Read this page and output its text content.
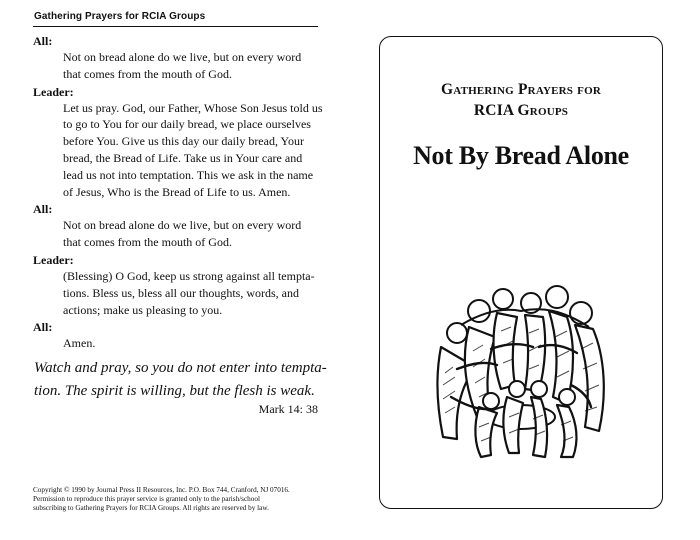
Gathering Prayers for RCIA Groups
All:
Not on bread alone do we live, but on every word
that comes from the mouth of God.
Leader:
Let us pray. God, our Father, Whose Son Jesus told us
to go to You for our daily bread, we place ourselves
before You. Give us this day our daily bread, Your
bread, the Bread of Life. Take us in Your care and
lead us not into temptation. This we ask in the name
of Jesus, Who is the Bread of Life to us. Amen.
All:
Not on bread alone do we live, but on every word
that comes from the mouth of God.
Leader:
(Blessing) O God, keep us strong against all tempta-
tions. Bless us, bless all our thoughts, words, and
actions; make us pleasing to you.
All:
Amen.
Watch and pray, so you do not enter into tempta-
tion. The spirit is willing, but the flesh is weak.
Mark 14: 38
Copyright © 1990 by Journal Press II Resources, Inc. P.O. Box 744, Cranford, NJ 07016.
Permission to reproduce this prayer service is granted only to the parish/school
subscribing to Gathering Prayers for RCIA Groups. All rights are reserved by law.
Gathering Prayers for
RCIA Groups
Not By Bread Alone
